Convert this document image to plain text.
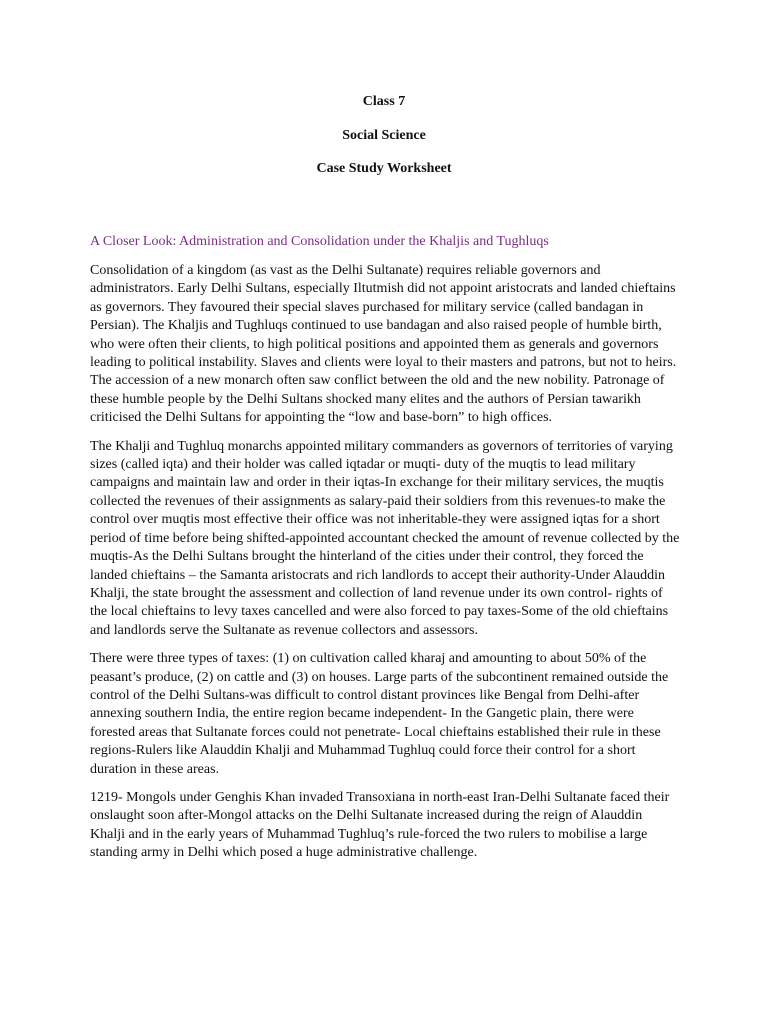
Class 7
Social Science
Case Study Worksheet
A Closer Look: Administration and Consolidation under the Khaljis and Tughluqs

Consolidation of a kingdom (as vast as the Delhi Sultanate) requires reliable governors and administrators. Early Delhi Sultans, especially Iltutmish did not appoint aristocrats and landed chieftains as governors. They favoured their special slaves purchased for military service (called bandagan in Persian). The Khaljis and Tughluqs continued to use bandagan and also raised people of humble birth, who were often their clients, to high political positions and appointed them as generals and governors leading to political instability. Slaves and clients were loyal to their masters and patrons, but not to heirs. The accession of a new monarch often saw conflict between the old and the new nobility. Patronage of these humble people by the Delhi Sultans shocked many elites and the authors of Persian tawarikh criticised the Delhi Sultans for appointing the “low and base-born” to high offices.

The Khalji and Tughluq monarchs appointed military commanders as governors of territories of varying sizes (called iqta) and their holder was called iqtadar or muqti- duty of the muqtis to lead military campaigns and maintain law and order in their iqtas-In exchange for their military services, the muqtis collected the revenues of their assignments as salary-paid their soldiers from this revenues-to make the control over muqtis most effective their office was not inheritable-they were assigned iqtas for a short period of time before being shifted-appointed accountant checked the amount of revenue collected by the muqtis-As the Delhi Sultans brought the hinterland of the cities under their control, they forced the landed chieftains – the Samanta aristocrats and rich landlords to accept their authority-Under Alauddin Khalji, the state brought the assessment and collection of land revenue under its own control- rights of the local chieftains to levy taxes cancelled and were also forced to pay taxes-Some of the old chieftains and landlords serve the Sultanate as revenue collectors and assessors.

There were three types of taxes: (1) on cultivation called kharaj and amounting to about 50% of the peasant’s produce, (2) on cattle and (3) on houses. Large parts of the subcontinent remained outside the control of the Delhi Sultans-was difficult to control distant provinces like Bengal from Delhi-after annexing southern India, the entire region became independent- In the Gangetic plain, there were forested areas that Sultanate forces could not penetrate- Local chieftains established their rule in these regions-Rulers like Alauddin Khalji and Muhammad Tughluq could force their control for a short duration in these areas.

1219- Mongols under Genghis Khan invaded Transoxiana in north-east Iran-Delhi Sultanate faced their onslaught soon after-Mongol attacks on the Delhi Sultanate increased during the reign of Alauddin Khalji and in the early years of Muhammad Tughluq’s rule-forced the two rulers to mobilise a large standing army in Delhi which posed a huge administrative challenge.
